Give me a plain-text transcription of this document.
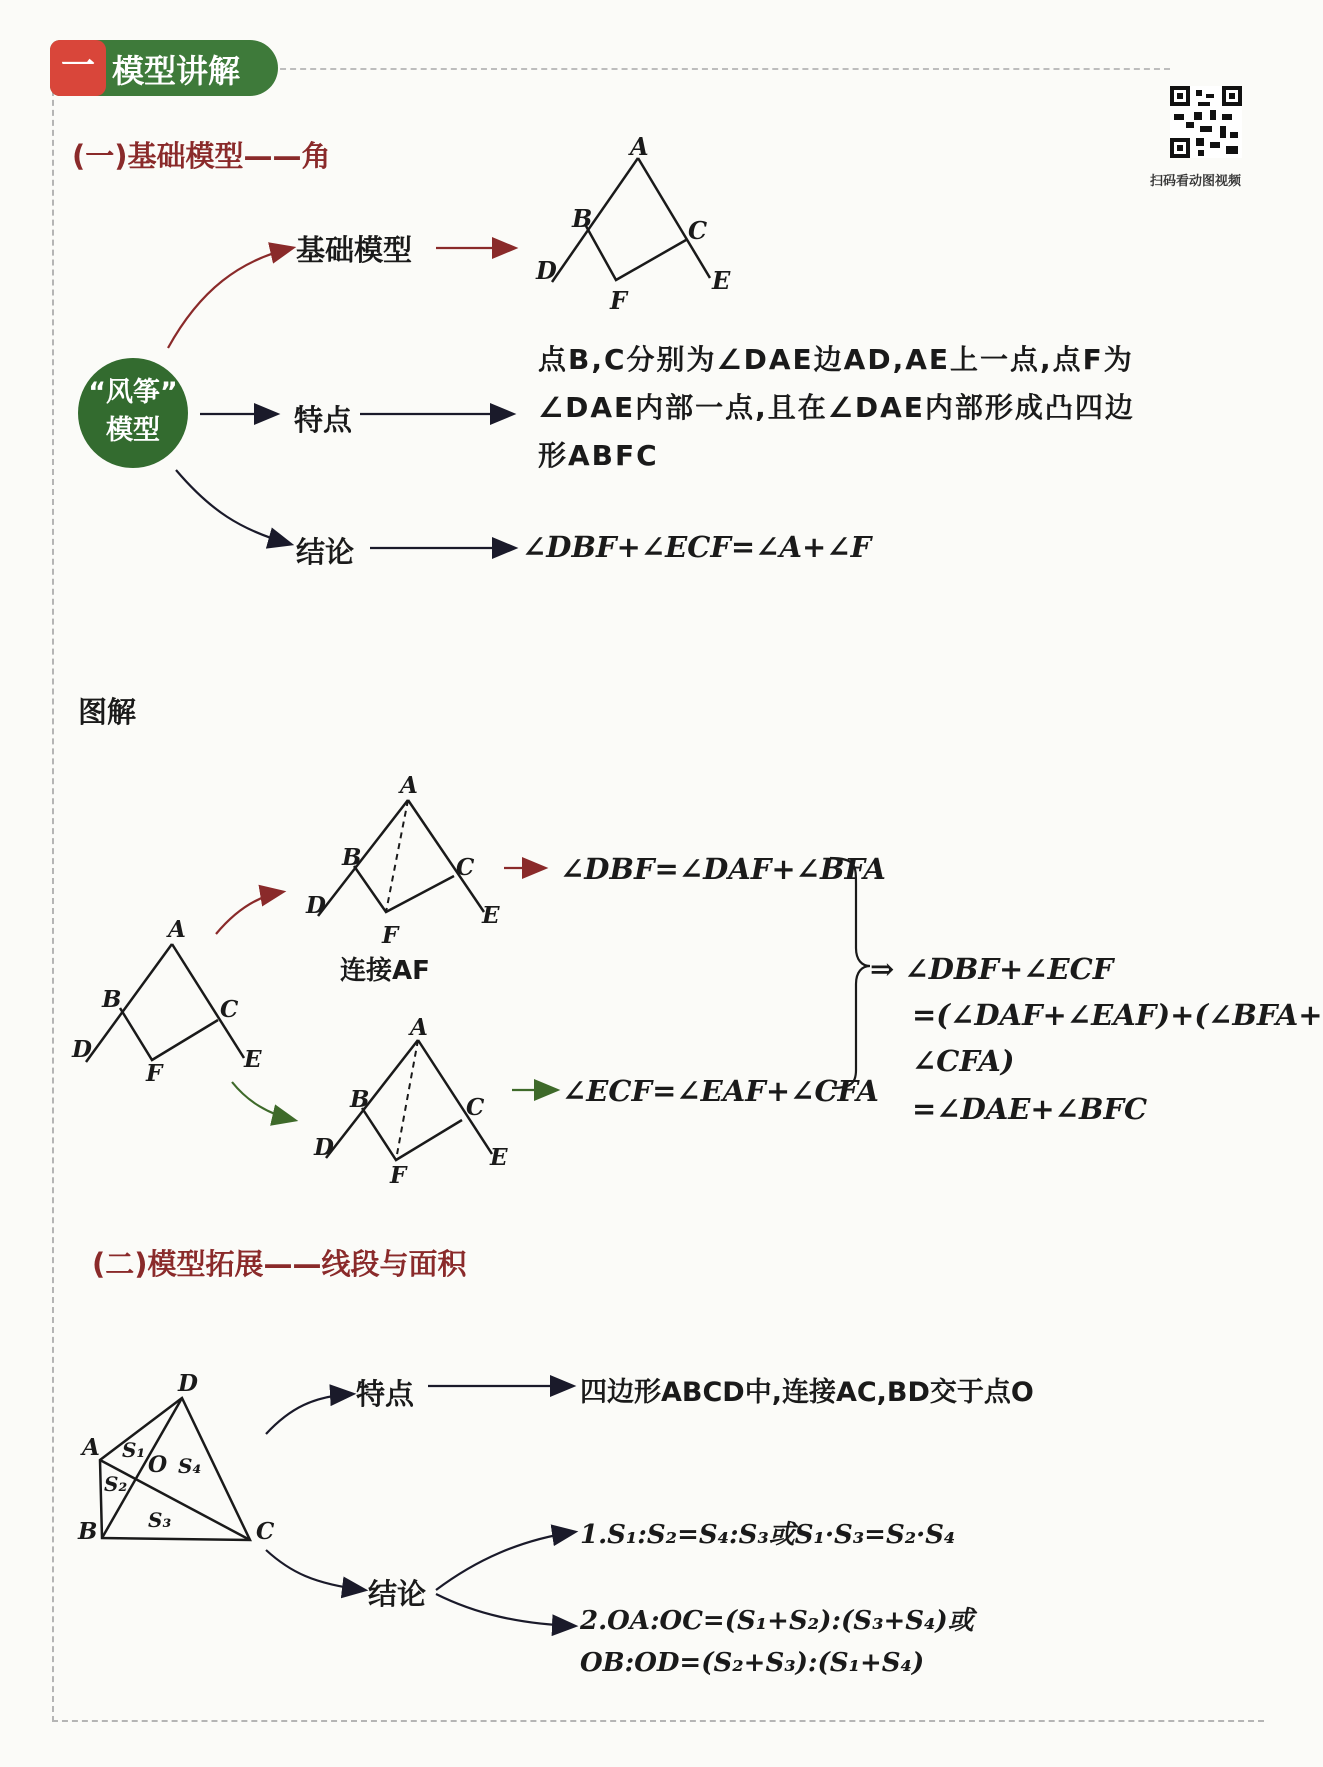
一 模型讲解
扫码看动图视频
(一)基础模型——角
“风筝”
模型
基础模型
特点
结论
点B,C分别为∠DAE边AD,AE上一点,点F为∠DAE内部一点,且在∠DAE内部形成凸四边形ABFC
∠DBF+∠ECF=∠A+∠F
A
B	C
D	E
F
图解
A
B	C
D	E
F
A
B	C
D	E
F
连接AF
A
B	C
D	E
F
∠DBF=∠DAF+∠BFA
∠ECF=∠EAF+∠CFA
⇒ ∠DBF+∠ECF
=(∠DAF+∠EAF)+(∠BFA+
∠CFA)
=∠DAE+∠BFC
(二)模型拓展——线段与面积
特点	四边形ABCD中,连接AC,BD交于点O
结论
1.S₁:S₂=S₄:S₃或S₁·S₃=S₂·S₄
2.OA:OC=(S₁+S₂):(S₃+S₄)或
OB:OD=(S₂+S₃):(S₁+S₄)
D
A
B	C
O
S₁
S₂
S₃
S₄
